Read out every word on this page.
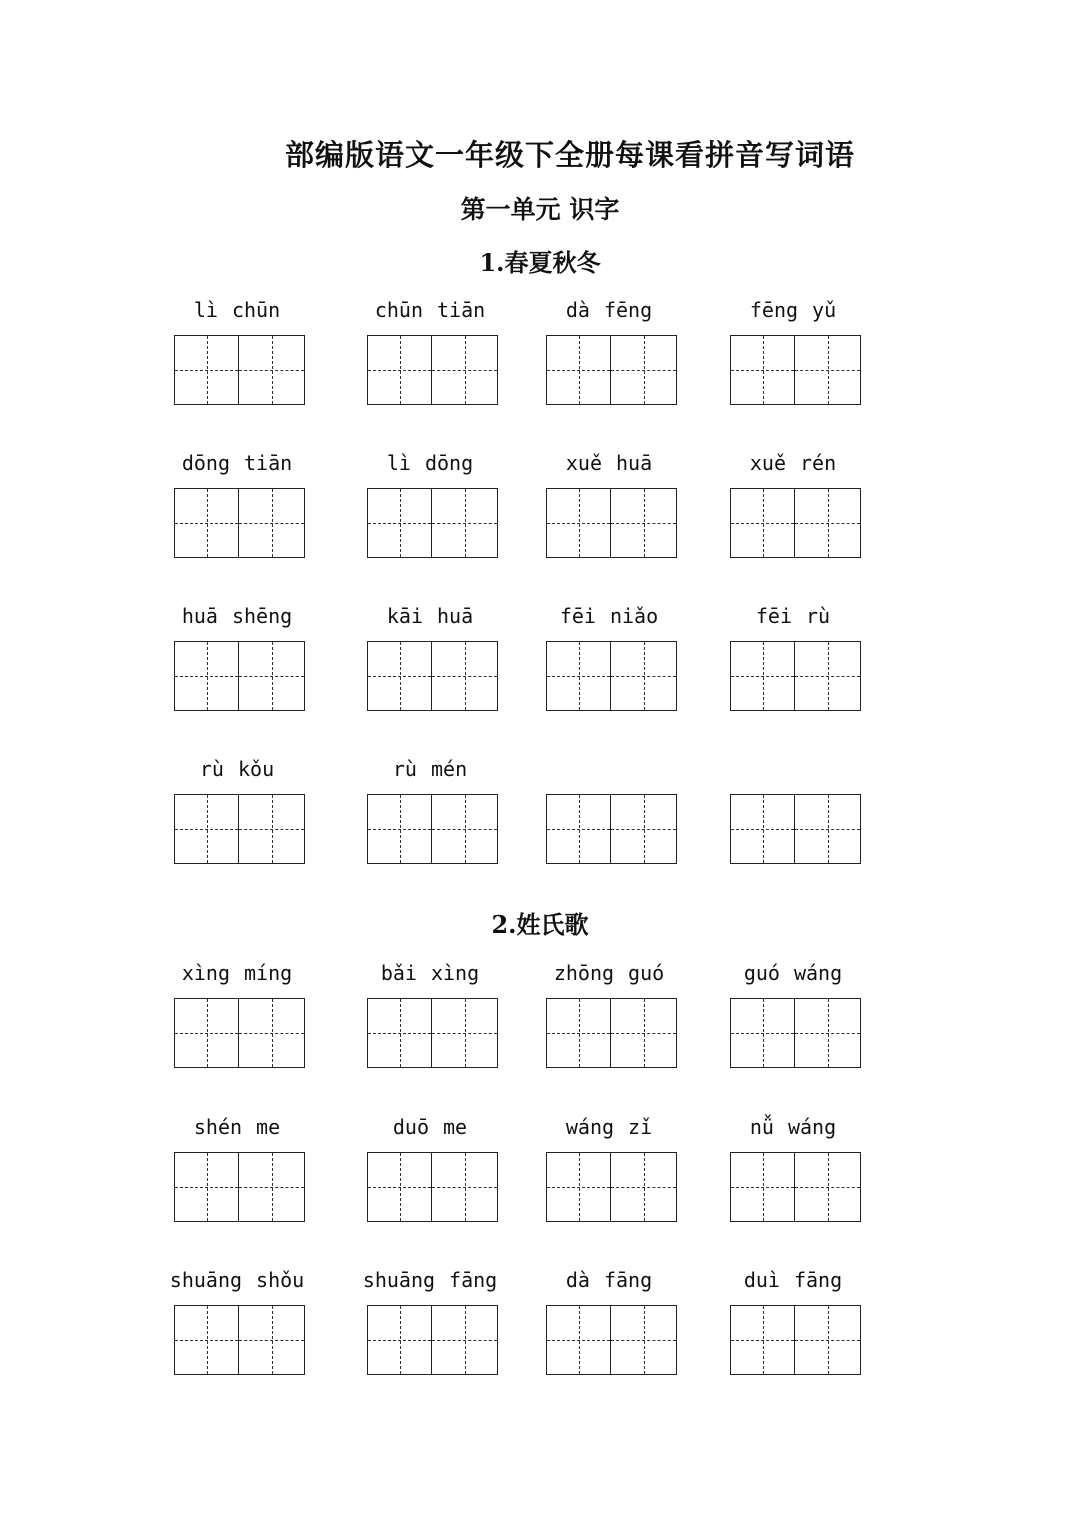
部编版语文一年级下全册每课看拼音写词语
第一单元 识字
1.春夏秋冬
lì chūn	chūn tiān	dà fēng	fēng yǔ
dōng tiān	lì dōng	xuě huā	xuě rén
huā shēng	kāi huā	fēi niǎo	fēi rù
rù kǒu	rù mén
2.姓氏歌
xìng míng	bǎi xìng	zhōng guó	guó wáng
shén me	duō me	wáng zǐ	nǚ wáng
shuāng shǒu	shuāng fāng	dà fāng	duì fāng
